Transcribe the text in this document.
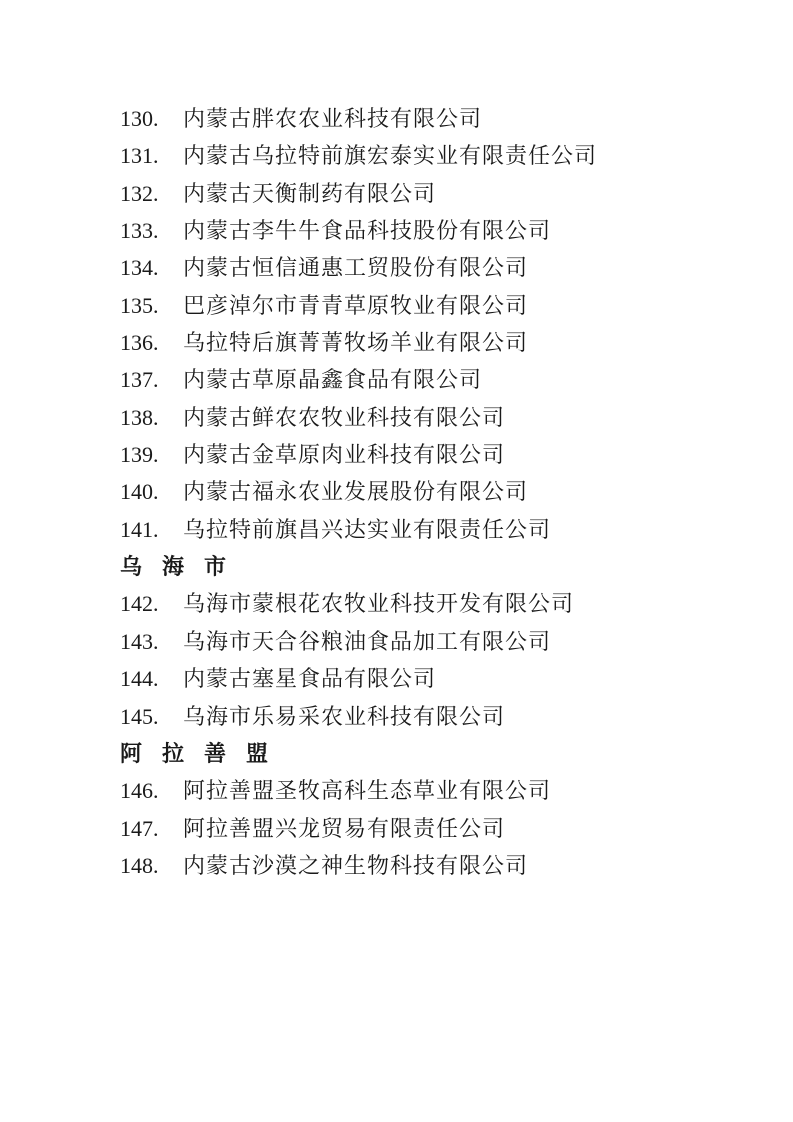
130. 内蒙古胖农农业科技有限公司
131. 内蒙古乌拉特前旗宏泰实业有限责任公司
132. 内蒙古天衡制药有限公司
133. 内蒙古李牛牛食品科技股份有限公司
134. 内蒙古恒信通惠工贸股份有限公司
135. 巴彦淖尔市青青草原牧业有限公司
136. 乌拉特后旗菁菁牧场羊业有限公司
137. 内蒙古草原晶鑫食品有限公司
138. 内蒙古鲜农农牧业科技有限公司
139. 内蒙古金草原肉业科技有限公司
140. 内蒙古福永农业发展股份有限公司
141. 乌拉特前旗昌兴达实业有限责任公司
乌海市
142. 乌海市蒙根花农牧业科技开发有限公司
143. 乌海市天合谷粮油食品加工有限公司
144. 内蒙古塞星食品有限公司
145. 乌海市乐易采农业科技有限公司
阿拉善盟
146. 阿拉善盟圣牧高科生态草业有限公司
147. 阿拉善盟兴龙贸易有限责任公司
148. 内蒙古沙漠之神生物科技有限公司
